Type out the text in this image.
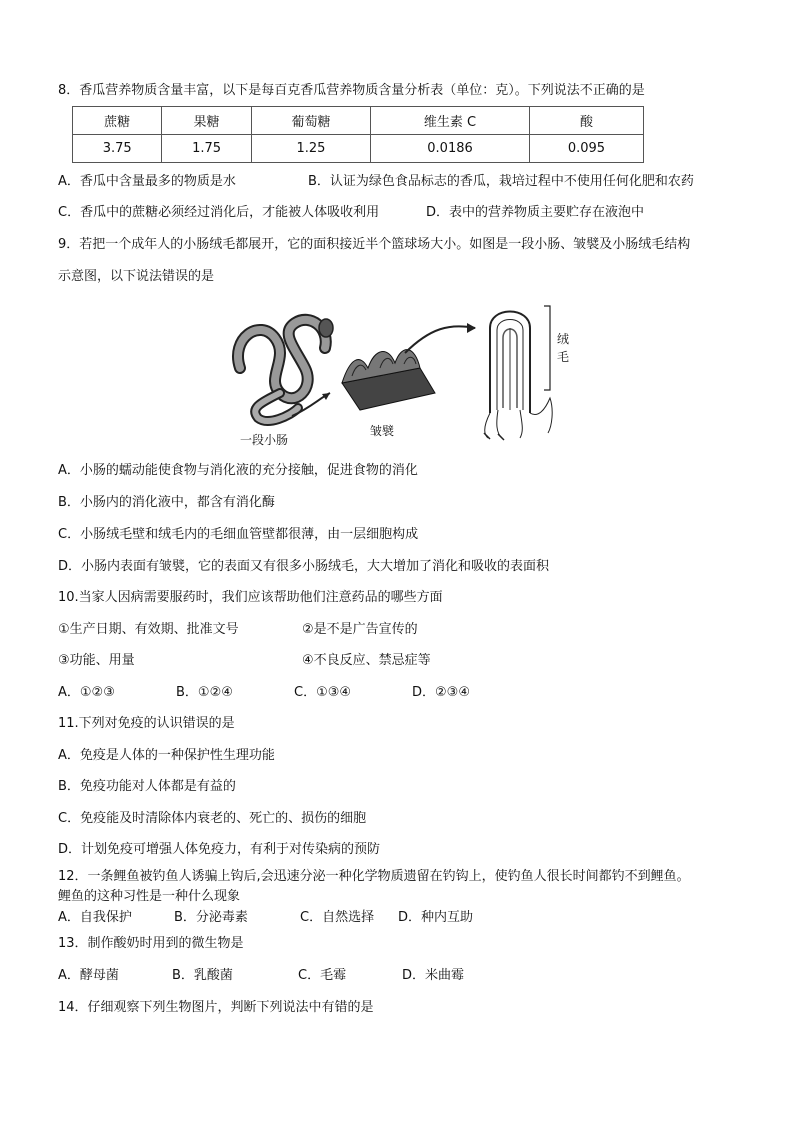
8．香瓜营养物质含量丰富，以下是每百克香瓜营养物质含量分析表（单位：克）。下列说法不正确的是
蔗糖	果糖	葡萄糖	维生素 C	酸
3.75	1.75	1.25	0.0186	0.095
A．香瓜中含量最多的物质是水	B．认证为绿色食品标志的香瓜，栽培过程中不使用任何化肥和农药
C．香瓜中的蔗糖必须经过消化后，才能被人体吸收利用	D．表中的营养物质主要贮存在液泡中
9．若把一个成年人的小肠绒毛都展开，它的面积接近半个篮球场大小。如图是一段小肠、皱襞及小肠绒毛结构
示意图，以下说法错误的是
一段小肠
皱襞
绒毛
A．小肠的蠕动能使食物与消化液的充分接触，促进食物的消化
B．小肠内的消化液中，都含有消化酶
C．小肠绒毛壁和绒毛内的毛细血管壁都很薄，由一层细胞构成
D．小肠内表面有皱襞，它的表面又有很多小肠绒毛，大大增加了消化和吸收的表面积
10.当家人因病需要服药时，我们应该帮助他们注意药品的哪些方面
①生产日期、有效期、批准文号	②是不是广告宣传的
③功能、用量	④不良反应、禁忌症等
A．①②③	B．①②④	C．①③④	D．②③④
11.下列对免疫的认识错误的是
A．免疫是人体的一种保护性生理功能
B．免疫功能对人体都是有益的
C．免疫能及时清除体内衰老的、死亡的、损伤的细胞
D．计划免疫可增强人体免疫力，有利于对传染病的预防
12．一条鲤鱼被钓鱼人诱骗上钩后,会迅速分泌一种化学物质遗留在钓钩上，使钓鱼人很长时间都钓不到鲤鱼。
鲤鱼的这种习性是一种什么现象
A．自我保护	B．分泌毒素	C．自然选择 D．种内互助
13．制作酸奶时用到的微生物是
A．酵母菌	B．乳酸菌	C．毛霉	D．米曲霉
14．仔细观察下列生物图片，判断下列说法中有错的是
